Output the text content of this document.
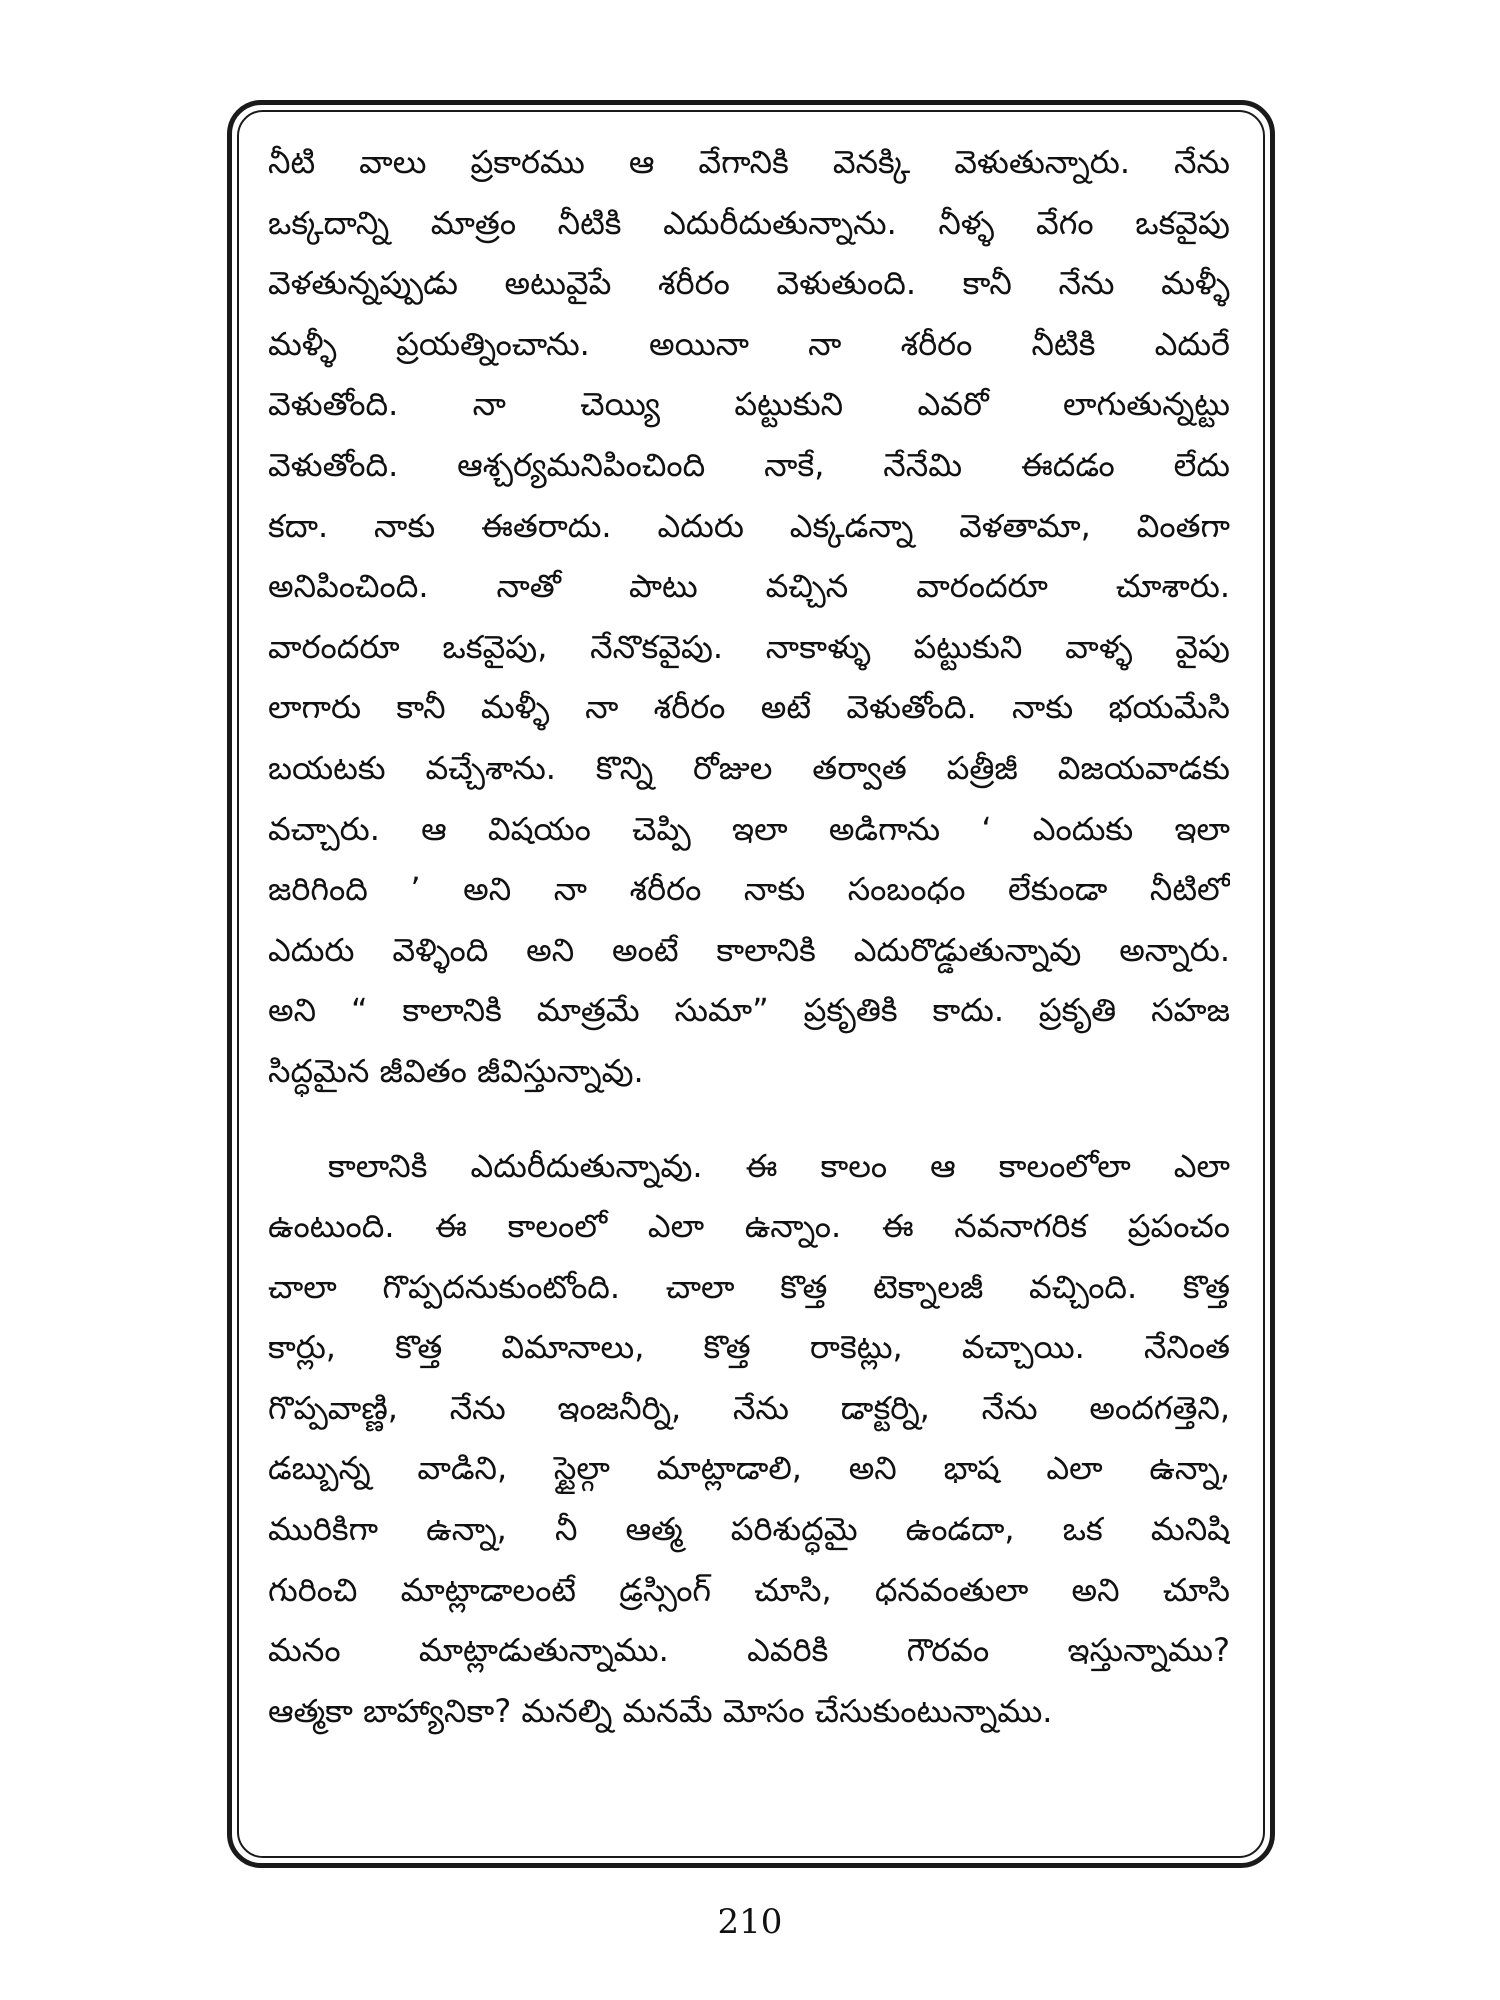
నీటి వాలు ప్రకారము ఆ వేగానికి వెనక్కి వెళుతున్నారు. నేను
ఒక్కదాన్ని మాత్రం నీటికి ఎదురీదుతున్నాను. నీళ్ళ వేగం ఒకవైపు
వెళతున్నప్పుడు అటువైపే శరీరం వెళుతుంది. కానీ నేను మళ్ళీ
మళ్ళీ ప్రయత్నించాను. అయినా నా శరీరం నీటికి ఎదురే
వెళుతోంది. నా చెయ్యి పట్టుకుని ఎవరో లాగుతున్నట్టు
వెళుతోంది. ఆశ్చర్యమనిపించింది నాకే, నేనేమి ఈదడం లేదు
కదా. నాకు ఈతరాదు. ఎదురు ఎక్కడన్నా వెళతామా, వింతగా
అనిపించింది. నాతో పాటు వచ్చిన వారందరూ చూశారు.
వారందరూ ఒకవైపు, నేనొకవైపు. నాకాళ్ళు పట్టుకుని వాళ్ళ వైపు
లాగారు కానీ మళ్ళీ నా శరీరం అటే వెళుతోంది. నాకు భయమేసి
బయటకు వచ్చేశాను. కొన్ని రోజుల తర్వాత పత్రీజీ విజయవాడకు
వచ్చారు. ఆ విషయం చెప్పి ఇలా అడిగాను ‘ ఎందుకు ఇలా
జరిగింది ’ అని నా శరీరం నాకు సంబంధం లేకుండా నీటిలో
ఎదురు వెళ్ళింది అని అంటే కాలానికి ఎదురొడ్డుతున్నావు అన్నారు.
అని “ కాలానికి మాత్రమే సుమా” ప్రకృతికి కాదు. ప్రకృతి సహజ
సిద్ధమైన జీవితం జీవిస్తున్నావు.
కాలానికి ఎదురీదుతున్నావు. ఈ కాలం ఆ కాలంలోలా ఎలా
ఉంటుంది. ఈ కాలంలో ఎలా ఉన్నాం. ఈ నవనాగరిక ప్రపంచం
చాలా గొప్పదనుకుంటోంది. చాలా కొత్త టెక్నాలజీ వచ్చింది. కొత్త
కార్లు, కొత్త విమానాలు, కొత్త రాకెట్లు, వచ్చాయి. నేనింత
గొప్పవాణ్ణి, నేను ఇంజనీర్ని, నేను డాక్టర్ని, నేను అందగత్తెని,
డబ్బున్న వాడిని, స్టైల్గా మాట్లాడాలి, అని భాష ఎలా ఉన్నా,
మురికిగా ఉన్నా, నీ ఆత్మ పరిశుద్ధమై ఉండదా, ఒక మనిషి
గురించి మాట్లాడాలంటే డ్రస్సింగ్ చూసి, ధనవంతులా అని చూసి
మనం మాట్లాడుతున్నాము. ఎవరికి గౌరవం ఇస్తున్నాము?
ఆత్మకా బాహ్యానికా? మనల్ని మనమే మోసం చేసుకుంటున్నాము.
210
